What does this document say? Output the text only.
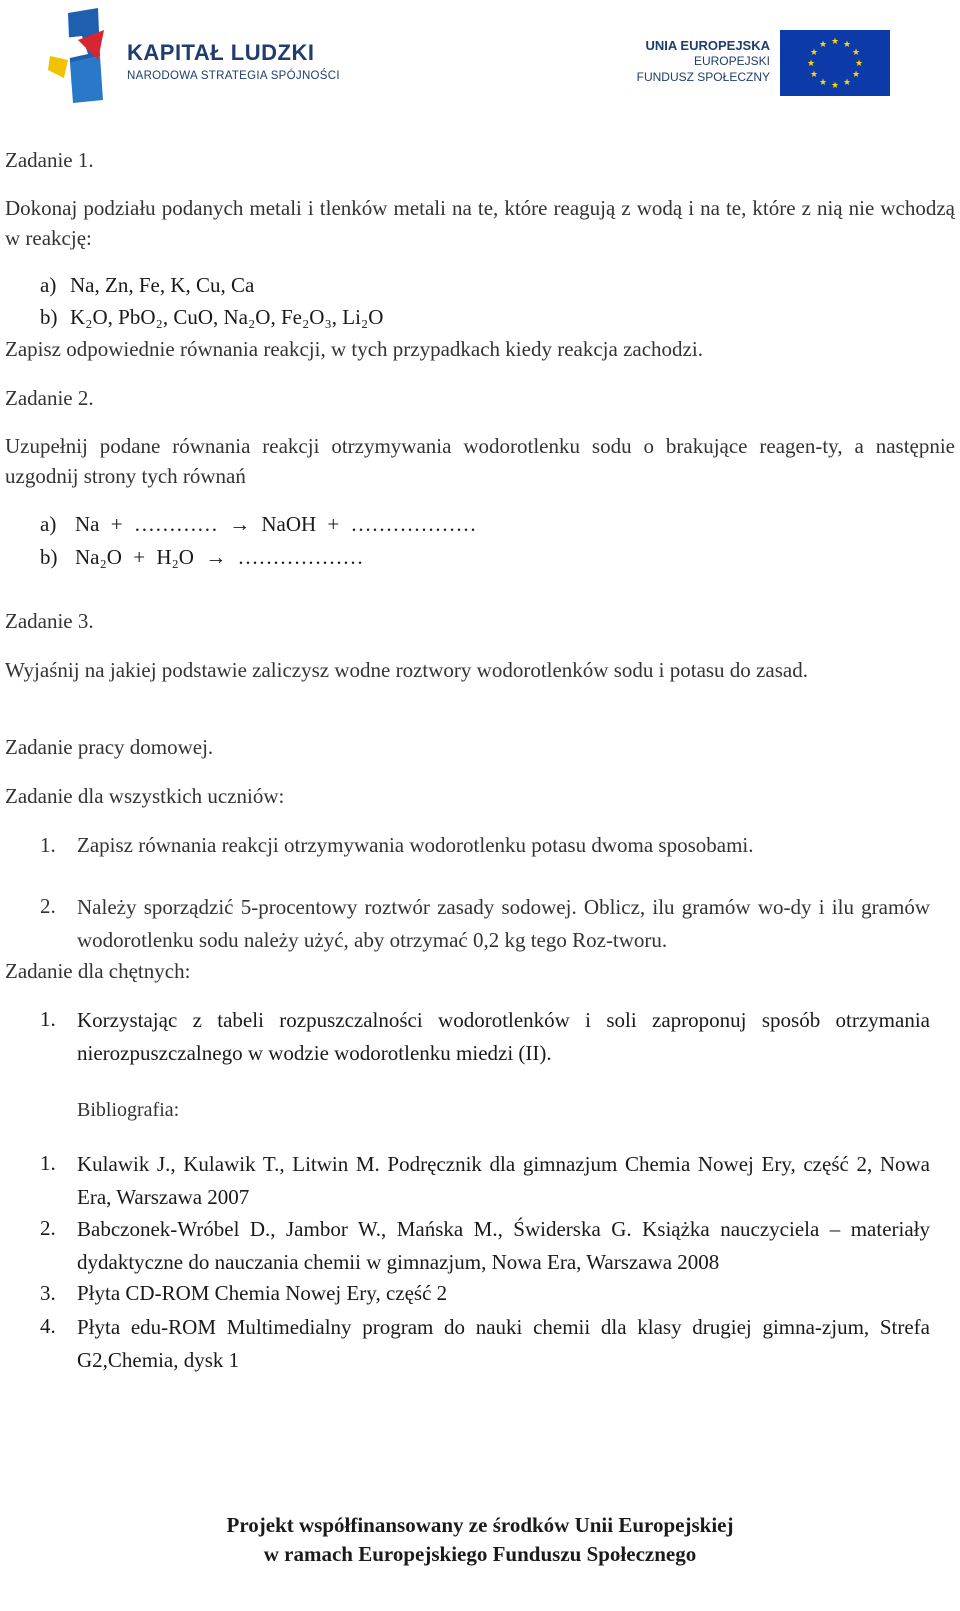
KAPITAŁ LUDZKI
NARODOWA STRATEGIA SPÓJNOŚCI
UNIA EUROPEJSKA
EUROPEJSKI
FUNDUSZ SPOŁECZNY
★ ★
★
★
★
★
★
★
★
★
★
★
Zadanie 1.
Dokonaj podziału podanych metali i tlenków metali na te, które reagują z wodą i na te, które z nią nie wchodzą w reakcję:
a) Na, Zn, Fe, K, Cu, Ca
b) K₂O, PbO₂, CuO, Na₂O, Fe₂O₃, Li₂O
Zapisz odpowiednie równania reakcji, w tych przypadkach kiedy reakcja zachodzi.
Zadanie 2.
Uzupełnij podane równania reakcji otrzymywania wodorotlenku sodu o brakujące reagen-ty, a następnie uzgodnij strony tych równań
a) Na + ………… → NaOH + ………………
b) Na₂O + H₂O → ………………
Zadanie 3.
Wyjaśnij na jakiej podstawie zaliczysz wodne roztwory wodorotlenków sodu i potasu do zasad.
Zadanie pracy domowej.
Zadanie dla wszystkich uczniów:
1. Zapisz równania reakcji otrzymywania wodorotlenku potasu dwoma sposobami.
2. Należy sporządzić 5-procentowy roztwór zasady sodowej. Oblicz, ilu gramów wo-dy i ilu gramów wodorotlenku sodu należy użyć, aby otrzymać 0,2 kg tego Roz-tworu.
Zadanie dla chętnych:
1. Korzystając z tabeli rozpuszczalności wodorotlenków i soli zaproponuj sposób otrzymania nierozpuszczalnego w wodzie wodorotlenku miedzi (II).
Bibliografia:
1. Kulawik J., Kulawik T., Litwin M. Podręcznik dla gimnazjum Chemia Nowej Ery, część 2, Nowa Era, Warszawa 2007
2. Babczonek-Wróbel D., Jambor W., Mańska M., Świderska G. Książka nauczyciela – materiały dydaktyczne do nauczania chemii w gimnazjum, Nowa Era, Warszawa 2008
3. Płyta CD-ROM Chemia Nowej Ery, część 2
4. Płyta edu-ROM Multimedialny program do nauki chemii dla klasy drugiej gimna-zjum, Strefa G2,Chemia, dysk 1
Projekt współfinansowany ze środków Unii Europejskiej
w ramach Europejskiego Funduszu Społecznego
